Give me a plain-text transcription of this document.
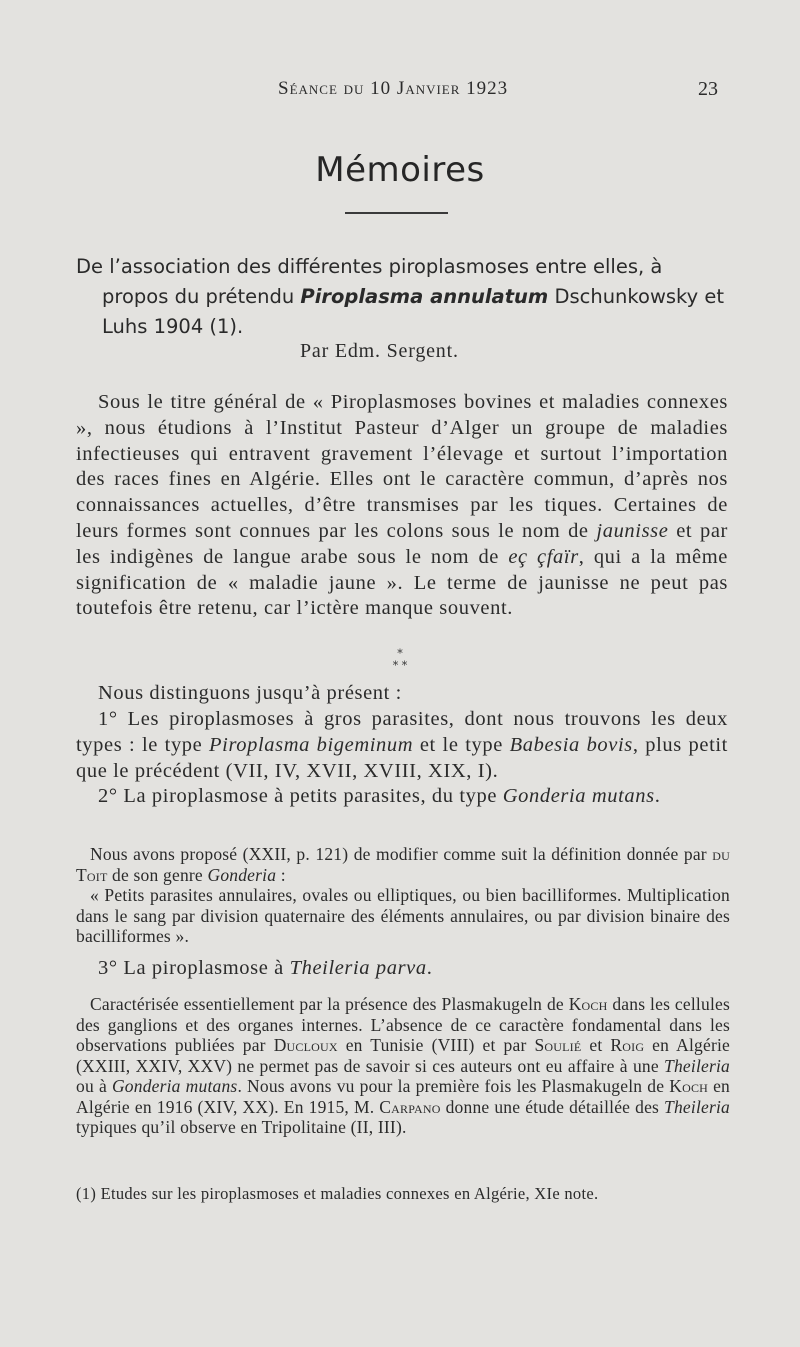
Séance du 10 Janvier 1923	23
Mémoires
De l’association des différentes piroplasmoses entre elles, à
propos du prétendu Piroplasma annulatum Dschunkowsky et
Luhs 1904 (1).
Par Edm. Sergent.
Sous le titre général de « Piroplasmoses bovines et maladies connexes », nous étudions à l’Institut Pasteur d’Alger un groupe de maladies infectieuses qui entravent gravement l’élevage et surtout l’importation des races fines en Algérie. Elles ont le caractère commun, d’après nos connaissances actuelles, d’être transmises par les tiques. Certaines de leurs formes sont connues par les colons sous le nom de jaunisse et par les indigènes de langue arabe sous le nom de eç çfaïr, qui a la même signification de « maladie jaune ». Le terme de jaunisse ne peut pas toutefois être retenu, car l’ictère manque souvent.
*
* *
Nous distinguons jusqu’à présent :
1° Les piroplasmoses à gros parasites, dont nous trouvons les deux types : le type Piroplasma bigeminum et le type Babesia bovis, plus petit que le précédent (VII, IV, XVII, XVIII, XIX, I).
2° La piroplasmose à petits parasites, du type Gonderia mutans.
Nous avons proposé (XXII, p. 121) de modifier comme suit la définition donnée par du Toit de son genre Gonderia :
« Petits parasites annulaires, ovales ou elliptiques, ou bien bacilliformes. Multiplication dans le sang par division quaternaire des éléments annulaires, ou par division binaire des bacilliformes ».
3° La piroplasmose à Theileria parva.
Caractérisée essentiellement par la présence des Plasmakugeln de Koch dans les cellules des ganglions et des organes internes. L’absence de ce caractère fondamental dans les observations publiées par Ducloux en Tunisie (VIII) et par Soulié et Roig en Algérie (XXIII, XXIV, XXV) ne permet pas de savoir si ces auteurs ont eu affaire à une Theileria ou à Gonderia mutans. Nous avons vu pour la première fois les Plasmakugeln de Koch en Algérie en 1916 (XIV, XX). En 1915, M. Carpano donne une étude détaillée des Theileria typiques qu’il observe en Tripolitaine (II, III).
(1) Etudes sur les piroplasmoses et maladies connexes en Algérie, XIe note.
